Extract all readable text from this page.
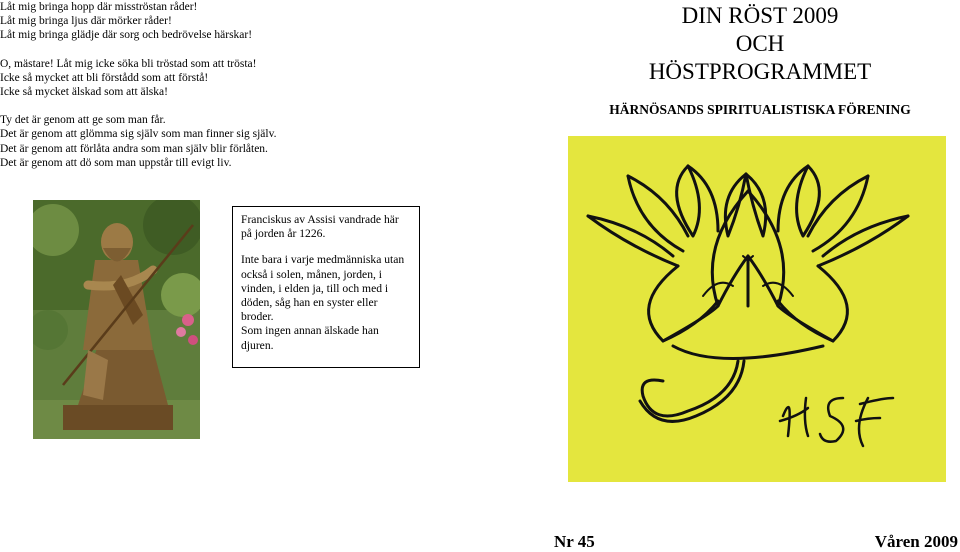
Låt mig bringa hopp där misströstan råder!
Låt mig bringa ljus där mörker råder!
Låt mig bringa glädje där sorg och bedrövelse härskar!
O, mästare! Låt mig icke söka bli tröstad som att trösta!
Icke så mycket att bli förstådd som att förstå!
Icke så mycket älskad som att älska!
Ty det är genom att ge som man får.
Det är genom att glömma sig själv som man finner sig själv.
Det är genom att förlåta andra som man själv blir förlåten.
Det är genom att dö som man uppstår till evigt liv.

Franciskus av Assisi vandrade här på jorden år 1226.

Inte bara i varje medmänniska utan också i solen, månen, jorden, i vinden, i elden ja, till och med i döden, såg han en syster eller broder.
Som ingen annan älskade han djuren.

DIN RÖST 2009
OCH
HÖSTPROGRAMMET
HÄRNÖSANDS SPIRITUALISTISKA FÖRENING
Nr 45	Våren 2009
